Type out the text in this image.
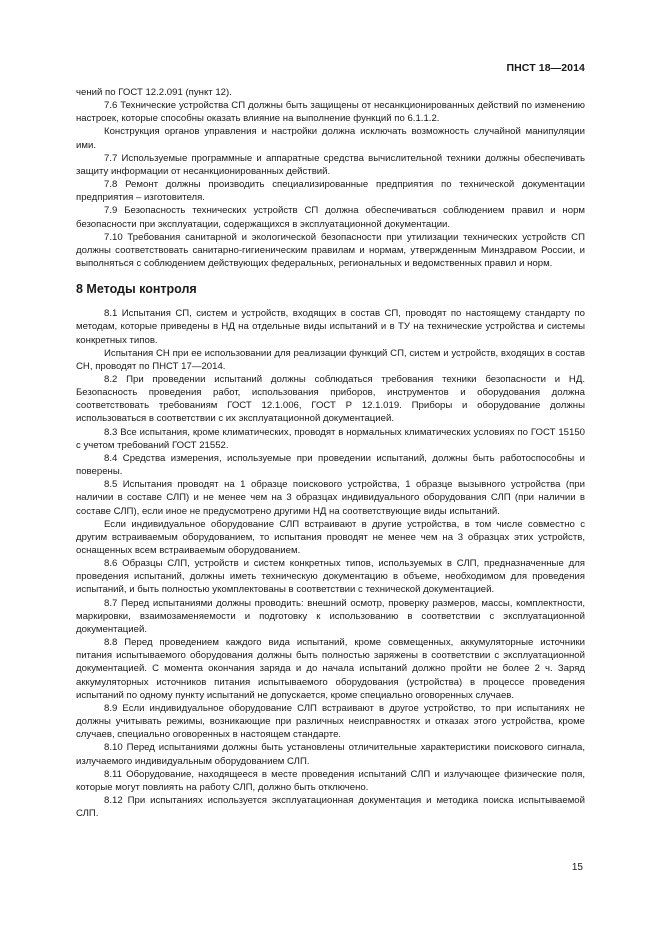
ПНСТ 18—2014

чений по ГОСТ 12.2.091 (пункт 12).

7.6 Технические устройства СП должны быть защищены от несанкционированных действий по изменению настроек, которые способны оказать влияние на выполнение функций по 6.1.1.2.

Конструкция органов управления и настройки должна исключать возможность случайной манипуляции ими.

7.7 Используемые программные и аппаратные средства вычислительной техники должны обеспечивать защиту информации от несанкционированных действий.

7.8 Ремонт должны производить специализированные предприятия по технической документации предприятия – изготовителя.

7.9 Безопасность технических устройств СП должна обеспечиваться соблюдением правил и норм безопасности при эксплуатации, содержащихся в эксплуатационной документации.

7.10 Требования санитарной и экологической безопасности при утилизации технических устройств СП должны соответствовать санитарно-гигиеническим правилам и нормам, утвержденным Минздравом России, и выполняться с соблюдением действующих федеральных, региональных и ведомственных правил и норм.

8 Методы контроля

8.1 Испытания СП, систем и устройств, входящих в состав СП, проводят по настоящему стандарту по методам, которые приведены в НД на отдельные виды испытаний и в ТУ на технические устройства и системы конкретных типов.

Испытания СН при ее использовании для реализации функций СП, систем и устройств, входящих в состав СН, проводят по ПНСТ 17—2014.

8.2 При проведении испытаний должны соблюдаться требования техники безопасности и НД. Безопасность проведения работ, использования приборов, инструментов и оборудования должна соответствовать требованиям ГОСТ 12.1.006, ГОСТ Р 12.1.019. Приборы и оборудование должны использоваться в соответствии с их эксплуатационной документацией.

8.3 Все испытания, кроме климатических, проводят в нормальных климатических условиях по ГОСТ 15150 с учетом требований ГОСТ 21552.

8.4 Средства измерения, используемые при проведении испытаний, должны быть работоспособны и поверены.

8.5 Испытания проводят на 1 образце поискового устройства, 1 образце вызывного устройства (при наличии в составе СЛП) и не менее чем на 3 образцах индивидуального оборудования СЛП (при наличии в составе СЛП), если иное не предусмотрено другими НД на соответствующие виды испытаний.

Если индивидуальное оборудование СЛП встраивают в другие устройства, в том числе совместно с другим встраиваемым оборудованием, то испытания проводят не менее чем на 3 образцах этих устройств, оснащенных всем встраиваемым оборудованием.

8.6 Образцы СЛП, устройств и систем конкретных типов, используемых в СЛП, предназначенные для проведения испытаний, должны иметь техническую документацию в объеме, необходимом для проведения испытаний, и быть полностью укомплектованы в соответствии с технической документацией.

8.7 Перед испытаниями должны проводить: внешний осмотр, проверку размеров, массы, комплектности, маркировки, взаимозаменяемости и подготовку к использованию в соответствии с эксплуатационной документацией.

8.8 Перед проведением каждого вида испытаний, кроме совмещенных, аккумуляторные источники питания испытываемого оборудования должны быть полностью заряжены в соответствии с эксплуатационной документацией. С момента окончания заряда и до начала испытаний должно пройти не более 2 ч. Заряд аккумуляторных источников питания испытываемого оборудования (устройства) в процессе проведения испытаний по одному пункту испытаний не допускается, кроме специально оговоренных случаев.

8.9 Если индивидуальное оборудование СЛП встраивают в другое устройство, то при испытаниях не должны учитывать режимы, возникающие при различных неисправностях и отказах этого устройства, кроме случаев, специально оговоренных в настоящем стандарте.

8.10 Перед испытаниями должны быть установлены отличительные характеристики поискового сигнала, излучаемого индивидуальным оборудованием СЛП.

8.11 Оборудование, находящееся в месте проведения испытаний СЛП и излучающее физические поля, которые могут повлиять на работу СЛП, должно быть отключено.

8.12 При испытаниях используется эксплуатационная документация и методика поиска испытываемой СЛП.

15
